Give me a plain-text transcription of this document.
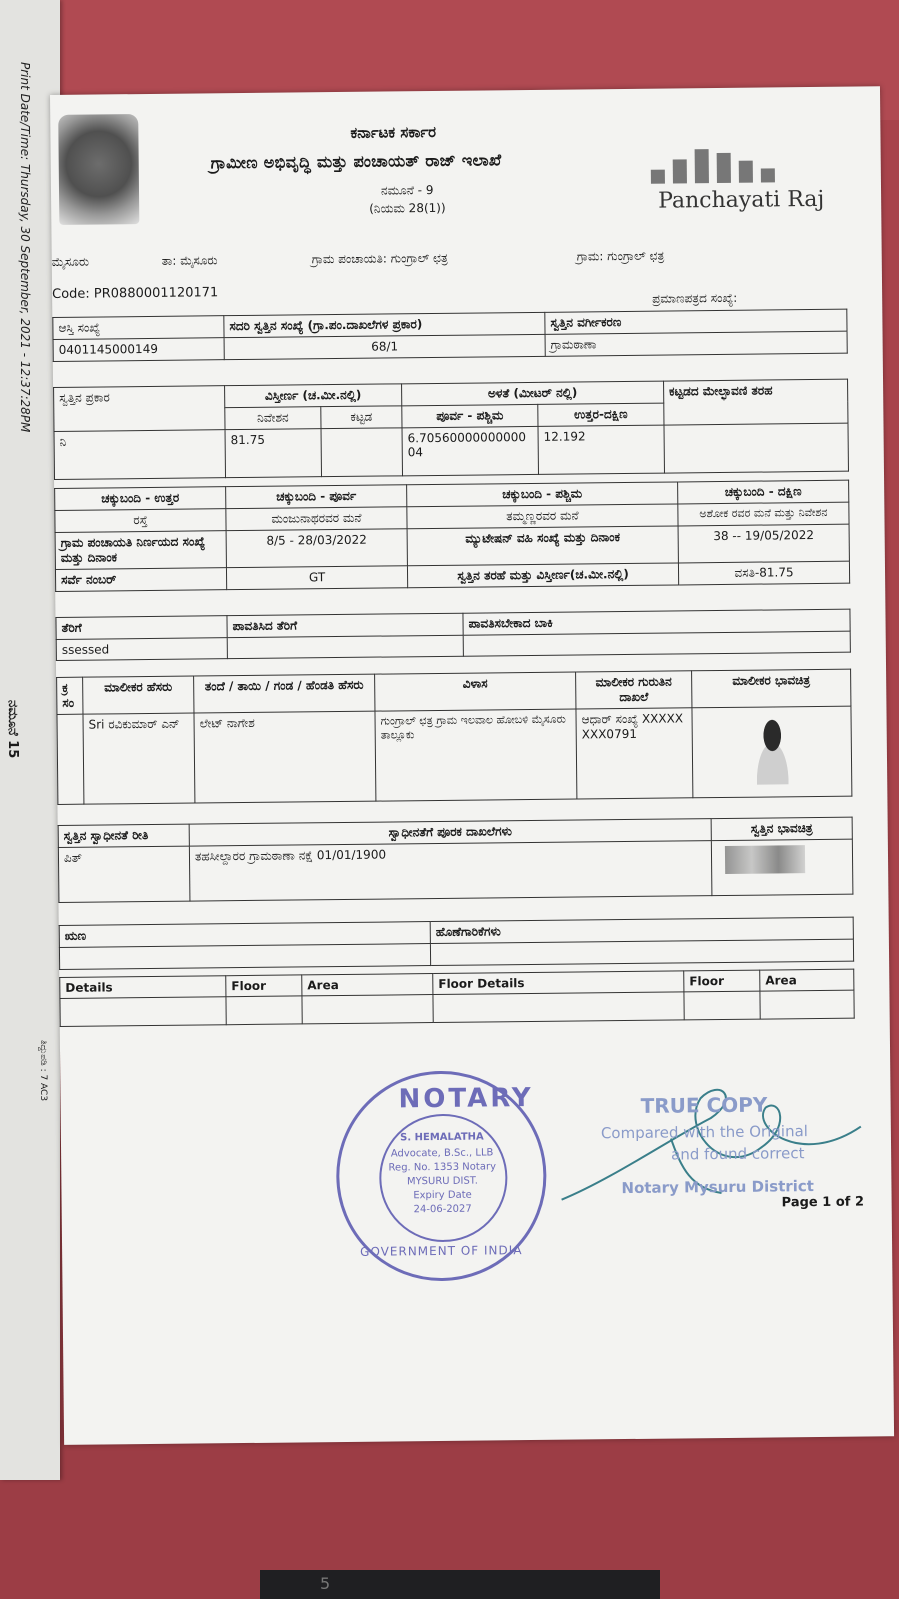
Print Date/Time: Thursday, 30 September, 2021 - 12:37:28PM
ನಮೂನೆ 15
ತಿದ್ದುಪಡಿ : 7 AC3
ಕರ್ನಾಟಕ ಸರ್ಕಾರ
ಗ್ರಾಮೀಣ ಅಭಿವೃದ್ಧಿ ಮತ್ತು ಪಂಚಾಯತ್ ರಾಜ್ ಇಲಾಖೆ
ನಮೂನೆ - 9
(ನಿಯಮ 28(1))	Panchayati Raj
ಮೈಸೂರು	ತಾ: ಮೈಸೂರು	ಗ್ರಾಮ ಪಂಚಾಯತಿ: ಗುಂಗ್ರಾಲ್ ಛತ್ರ	ಗ್ರಾಮ: ಗುಂಗ್ರಾಲ್ ಛತ್ರ
Code: PR0880001120171	ಪ್ರಮಾಣಪತ್ರದ ಸಂಖ್ಯೆ:
ಆಸ್ತಿ ಸಂಖ್ಯೆ	ಸದರಿ ಸ್ವತ್ತಿನ ಸಂಖ್ಯೆ (ಗ್ರಾ.ಪಂ.ದಾಖಲೆಗಳ ಪ್ರಕಾರ)	ಸ್ವತ್ತಿನ ವರ್ಗೀಕರಣ
0401145000149	68/1	ಗ್ರಾಮಠಾಣಾ
ಸ್ವತ್ತಿನ ಪ್ರಕಾರ	ವಿಸ್ತೀರ್ಣ (ಚ.ಮೀ.ನಲ್ಲಿ)		ಅಳತೆ (ಮೀಟರ್ ನಲ್ಲಿ)		ಕಟ್ಟಡದ ಮೇಲ್ಛಾವಣಿ ತರಹ
	ನಿವೇಶನ	ಕಟ್ಟಡ	ಪೂರ್ವ - ಪಶ್ಚಿಮ	ಉತ್ತರ-ದಕ್ಷಿಣ	
ನಿ	81.75		6.7056000000000004	12.192	
ಚಕ್ಕುಬಂದಿ - ಉತ್ತರ	ಚಕ್ಕುಬಂದಿ - ಪೂರ್ವ	ಚಕ್ಕುಬಂದಿ - ಪಶ್ಚಿಮ	ಚಕ್ಕುಬಂದಿ - ದಕ್ಷಿಣ
ರಸ್ತೆ	ಮಂಜುನಾಥರವರ ಮನೆ	ತಮ್ಮಣ್ಣರವರ ಮನೆ	ಅಶೋಕ ರವರ ಮನೆ ಮತ್ತು ನಿವೇಶನ
ಗ್ರಾಮ ಪಂಚಾಯತಿ ನಿರ್ಣಯದ ಸಂಖ್ಯೆ ಮತ್ತು ದಿನಾಂಕ	8/5 - 28/03/2022	ಮ್ಯುಟೇಷನ್ ವಹಿ ಸಂಖ್ಯೆ ಮತ್ತು ದಿನಾಂಕ	38 -- 19/05/2022
ಸರ್ವೆ ನಂಬರ್	GT	ಸ್ವತ್ತಿನ ತರಹೆ ಮತ್ತು ವಿಸ್ತೀರ್ಣ(ಚ.ಮೀ.ನಲ್ಲಿ)	ವಸತಿ-81.75
ತೆರಿಗೆ	ಪಾವತಿಸಿದ ತೆರಿಗೆ	ಪಾವತಿಸಬೇಕಾದ ಬಾಕಿ
ssessed		
ಕ್ರ ಸಂ	ಮಾಲೀಕರ ಹೆಸರು	ತಂದೆ / ತಾಯಿ / ಗಂಡ / ಹೆಂಡತಿ ಹೆಸರು	ವಿಳಾಸ	ಮಾಲೀಕರ ಗುರುತಿನ ದಾಖಲೆ	ಮಾಲೀಕರ ಭಾವಚಿತ್ರ
	Sri ರವಿಕುಮಾರ್ ಎನ್	ಲೇಟ್ ನಾಗೇಶ	ಗುಂಗ್ರಾಲ್ ಛತ್ರ ಗ್ರಾಮ ಇಲವಾಲ ಹೋಬಳಿ ಮೈಸೂರು ತಾಲ್ಲೂಕು	ಆಧಾರ್ ಸಂಖ್ಯೆ XXXXXXXX0791	
ಸ್ವತ್ತಿನ ಸ್ವಾಧೀನತೆ ರೀತಿ	ಸ್ವಾಧೀನತೆಗೆ ಪೂರಕ ದಾಖಲೆಗಳು	ಸ್ವತ್ತಿನ ಭಾವಚಿತ್ರ
ಪಿತ್	ತಹಸೀಲ್ದಾರರ ಗ್ರಾಮಠಾಣಾ ನಕ್ಷೆ 01/01/1900	
ಋಣ	ಹೊಣೆಗಾರಿಕೆಗಳು

Details	Floor	Area	Floor Details	Floor	Area

NOTARY
S. HEMALATHA
Advocate, B.Sc., LLB
Reg. No. 1353 Notary
MYSURU DIST.
Expiry Date
24-06-2027
GOVERNMENT OF INDIA
TRUE COPY
Compared with the Original
and found correct
Notary Mysuru District
Page 1 of 2
5
